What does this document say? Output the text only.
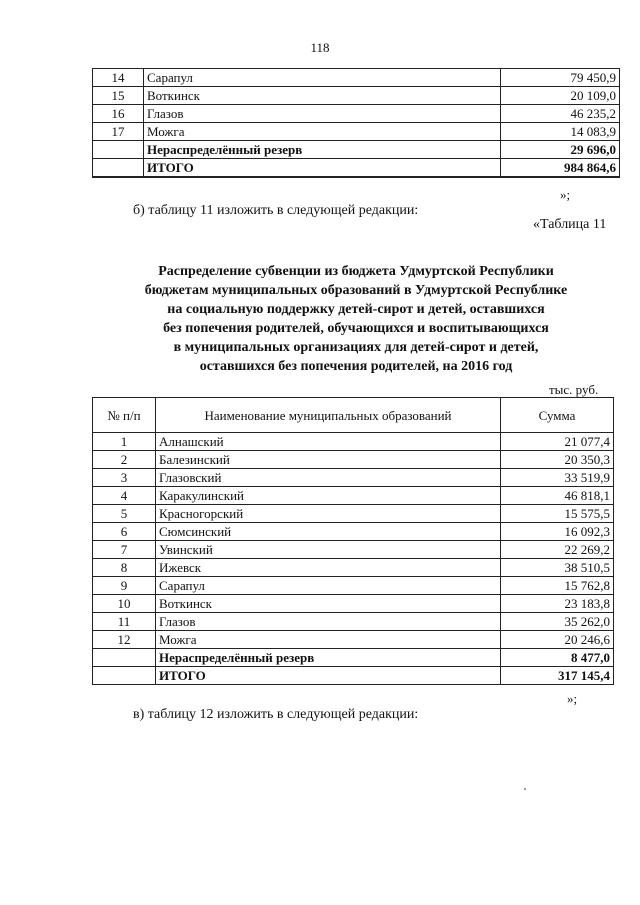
118
14	Сарапул	79 450,9
15	Воткинск	20 109,0
16	Глазов	46 235,2
17	Можга	14 083,9
	Нераспределённый резерв	29 696,0
	ИТОГО	984 864,6
»;
б) таблицу 11 изложить в следующей редакции:
«Таблица 11
Распределение субвенции из бюджета Удмуртской Республики
бюджетам муниципальных образований в Удмуртской Республике
на социальную поддержку детей-сирот и детей, оставшихся
без попечения родителей, обучающихся и воспитывающихся
в муниципальных организациях для детей-сирот и детей,
оставшихся без попечения родителей, на 2016 год
тыс. руб.
№ п/п	Наименование муниципальных образований	Сумма
1	Алнашский	21 077,4
2	Балезинский	20 350,3
3	Глазовский	33 519,9
4	Каракулинский	46 818,1
5	Красногорский	15 575,5
6	Сюмсинский	16 092,3
7	Увинский	22 269,2
8	Ижевск	38 510,5
9	Сарапул	15 762,8
10	Воткинск	23 183,8
11	Глазов	35 262,0
12	Можга	20 246,6
	Нераспределённый резерв	8 477,0
	ИТОГО	317 145,4
»;
в) таблицу 12 изложить в следующей редакции:
